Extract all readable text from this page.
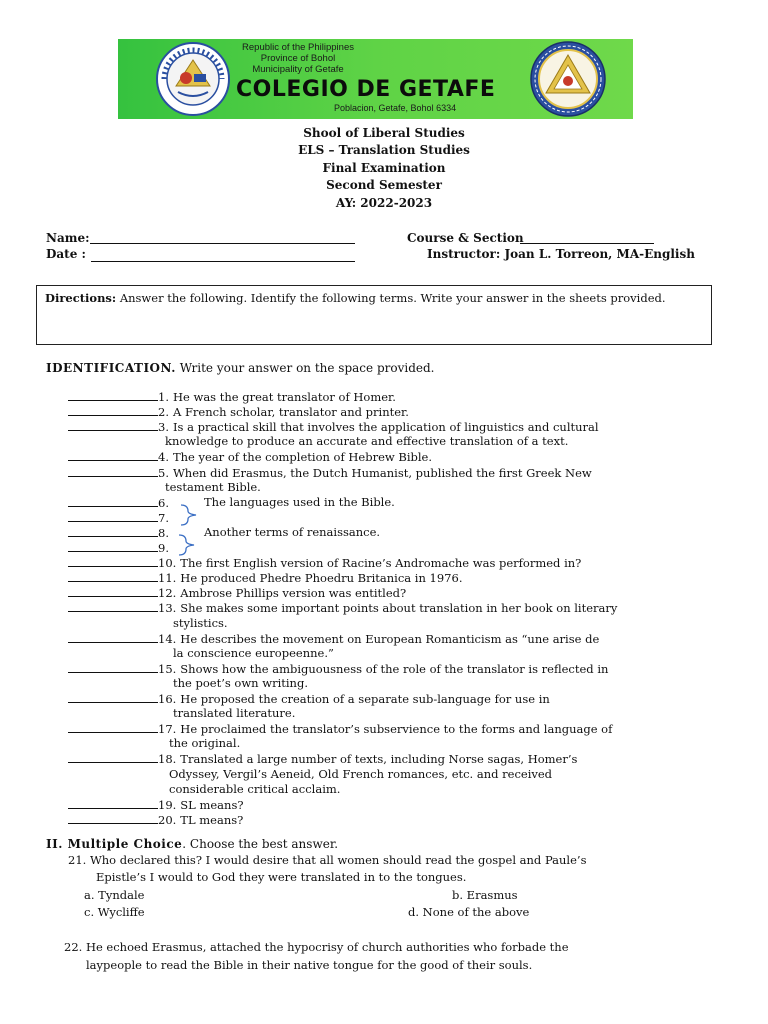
Republic of the Philippines
Province of Bohol
Municipality of Getafe
COLEGIO DE GETAFE
Poblacion, Getafe, Bohol 6334
Shool of Liberal Studies
ELS – Translation Studies
Final Examination
Second Semester
AY: 2022-2023
Name:
Date :
Course & Section
Instructor: Joan L. Torreon, MA-English
Directions: Answer the following. Identify the following terms. Write your answer in the sheets provided.
IDENTIFICATION. Write your answer on the space provided.
1. He was the great translator of Homer.
2. A French scholar, translator and printer.
3. Is a practical skill that involves the application of linguistics and cultural
knowledge to produce an accurate and effective translation of a text.
4. The year of the completion of Hebrew Bible.
5. When did Erasmus, the Dutch Humanist, published the first Greek New
testament Bible.
6.	The languages used in the Bible.
7.
8.	Another terms of renaissance.
9.
10. The first English version of Racine’s Andromache was performed in?
11. He produced Phedre Phoedru Britanica in 1976.
12. Ambrose Phillips version was entitled?
13. She makes some important points about translation in her book on literary
stylistics.
14. He describes the movement on European Romanticism as “une arise de
la conscience europeenne.”
15. Shows how the ambiguousness of the role of the translator is reflected in
the poet’s own writing.
16. He proposed the creation of a separate sub-language for use in
translated literature.
17. He proclaimed the translator’s subservience to the forms and language of
the original.
18. Translated a large number of texts, including Norse sagas, Homer’s
Odyssey, Vergil’s Aeneid, Old French romances, etc. and received
considerable critical acclaim.
19. SL means?
20. TL means?
II. Multiple Choice. Choose the best answer.
21. Who declared this? I would desire that all women should read the gospel and Paule’s
Epistle’s I would to God they were translated in to the tongues.
a. Tyndale	b. Erasmus
c. Wycliffe	d. None of the above
22. He echoed Erasmus, attached the hypocrisy of church authorities who forbade the
laypeople to read the Bible in their native tongue for the good of their souls.
